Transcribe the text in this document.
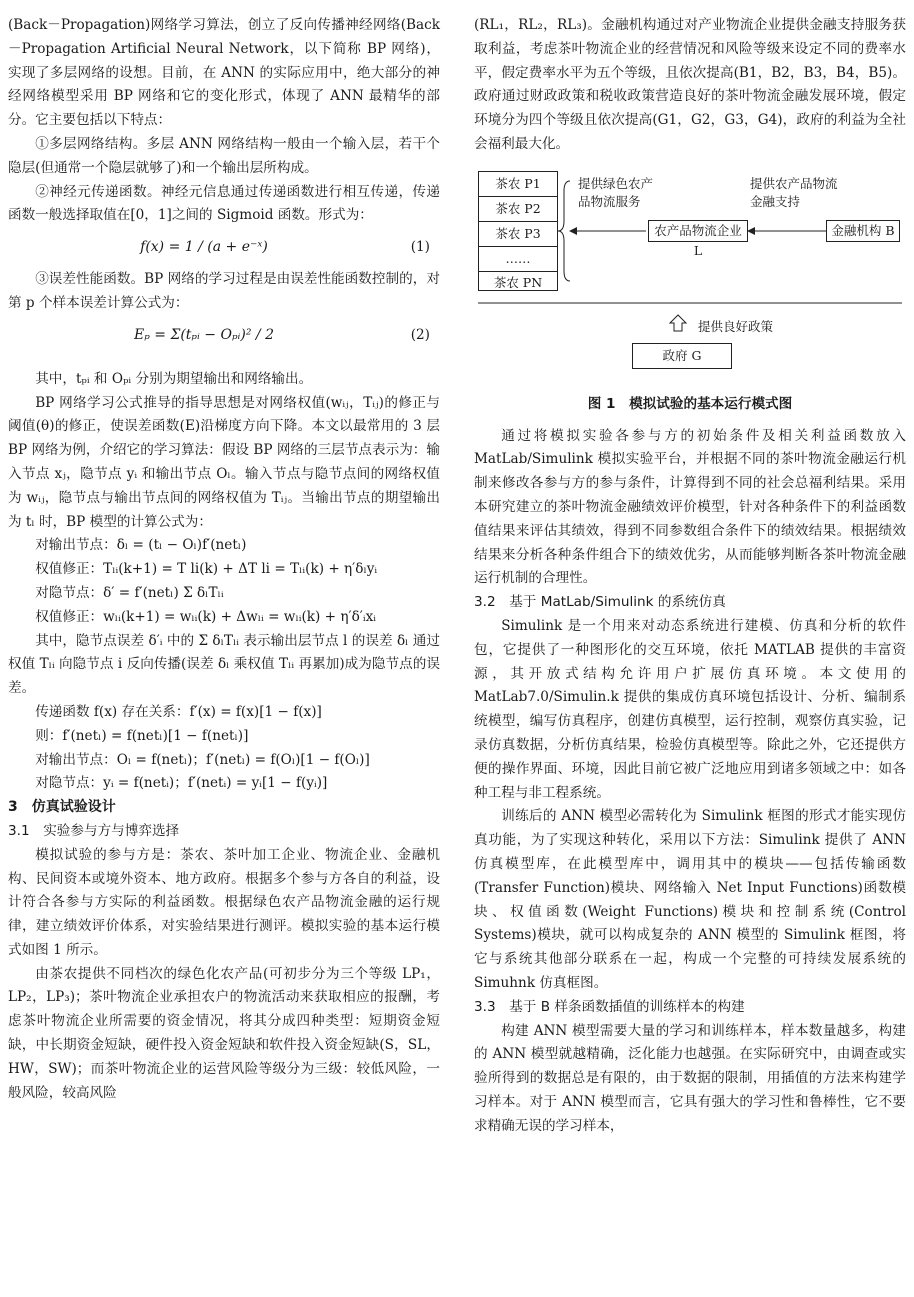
(Back－Propagation)网络学习算法，创立了反向传播神经网络(Back－Propagation Artificial Neural Network，以下简称 BP 网络)，实现了多层网络的设想。目前，在 ANN 的实际应用中，绝大部分的神经网络模型采用 BP 网络和它的变化形式，体现了 ANN 最精华的部分。它主要包括以下特点：

①多层网络结构。多层 ANN 网络结构一般由一个输入层，若干个隐层(但通常一个隐层就够了)和一个输出层所构成。

②神经元传递函数。神经元信息通过传递函数进行相互传递，传递函数一般选择取值在[0，1]之间的 Sigmoid 函数。形式为：

f(x) = 1 / (a + e⁻ˣ)	(1)

③误差性能函数。BP 网络的学习过程是由误差性能函数控制的，对第 p 个样本误差计算公式为：

Eₚ = Σ(tₚᵢ − Oₚᵢ)² / 2	(2)

其中，tₚᵢ 和 Oₚᵢ 分别为期望输出和网络输出。

BP 网络学习公式推导的指导思想是对网络权值(wᵢⱼ，Tᵢⱼ)的修正与阈值(θ)的修正，使误差函数(E)沿梯度方向下降。本文以最常用的 3 层 BP 网络为例，介绍它的学习算法：假设 BP 网络的三层节点表示为：输入节点 xⱼ，隐节点 yᵢ 和输出节点 Oₗ。输入节点与隐节点间的网络权值为 wᵢⱼ，隐节点与输出节点间的网络权值为 Tᵢⱼ。当输出节点的期望输出为 tₗ 时，BP 模型的计算公式为：

对输出节点：δₗ = (tₗ − Oₗ)f′(netₗ)

权值修正：Tₗᵢ(k+1) = T li(k) + ΔT li = Tₗᵢ(k) + η′δₗyᵢ

对隐节点：δ′ = f′(netₗ) Σ δₗTₗᵢ

权值修正：wₗᵢ(k+1) = wₗᵢ(k) + Δwₗᵢ = wₗᵢ(k) + η′δ′ᵢxᵢ

其中，隐节点误差 δ′ᵢ 中的 Σ δₗTₗᵢ 表示输出层节点 l 的误差 δₗ 通过权值 Tₗᵢ 向隐节点 i 反向传播(误差 δₗ 乘权值 Tₗᵢ 再累加)成为隐节点的误差。

传递函数 f(x) 存在关系：f′(x) = f(x)[1 − f(x)]

则：f′(netₗ) = f(netₗ)[1 − f(netₗ)]

对输出节点：Oₗ = f(netₗ)；f′(netₗ) = f(Oₗ)[1 − f(Oₗ)]

对隐节点：yᵢ = f(netᵢ)；f′(netᵢ) = yᵢ[1 − f(yᵢ)]

3　仿真试验设计

3.1　实验参与方与博弈选择

模拟试验的参与方是：茶农、茶叶加工企业、物流企业、金融机构、民间资本或境外资本、地方政府。根据多个参与方各自的利益，设计符合各参与方实际的利益函数。根据绿色农产品物流金融的运行规律，建立绩效评价体系，对实验结果进行测评。模拟实验的基本运行模式如图 1 所示。

由茶农提供不同档次的绿色化农产品(可初步分为三个等级 LP₁，LP₂，LP₃)；茶叶物流企业承担农户的物流活动来获取相应的报酬，考虑茶叶物流企业所需要的资金情况，将其分成四种类型：短期资金短缺，中长期资金短缺，硬件投入资金短缺和软件投入资金短缺(S，SL，HW，SW)；而茶叶物流企业的运营风险等级分为三级：较低风险，一般风险，较高风险

(RL₁，RL₂，RL₃)。金融机构通过对产业物流企业提供金融支持服务获取利益，考虑茶叶物流企业的经营情况和风险等级来设定不同的费率水平，假定费率水平为五个等级，且依次提高(B1，B2，B3，B4，B5)。政府通过财政政策和税收政策营造良好的茶叶物流金融发展环境，假定环境分为四个等级且依次提高(G1，G2，G3，G4)，政府的利益为全社会福利最大化。

茶农 P1
茶农 P2
茶农 P3
……
茶农 PN
提供绿色农产品物流服务
提供农产品物流金融支持
农产品物流企业 L
金融机构 B
提供良好政策
政府 G

图 1　模拟试验的基本运行模式图

通过将模拟实验各参与方的初始条件及相关利益函数放入 MatLab/Simulink 模拟实验平台，并根据不同的茶叶物流金融运行机制来修改各参与方的参与条件，计算得到不同的社会总福利结果。采用本研究建立的茶叶物流金融绩效评价模型，针对各种条件下的利益函数值结果来评估其绩效，得到不同参数组合条件下的绩效结果。根据绩效结果来分析各种条件组合下的绩效优劣，从而能够判断各茶叶物流金融运行机制的合理性。

3.2　基于 MatLab/Simulink 的系统仿真

Simulink 是一个用来对动态系统进行建模、仿真和分析的软件包，它提供了一种图形化的交互环境，依托 MATLAB 提供的丰富资源，其开放式结构允许用户扩展仿真环境。本文使用的 MatLab7.0/Simulin.k 提供的集成仿真环境包括设计、分析、编制系统模型，编写仿真程序，创建仿真模型，运行控制，观察仿真实验，记录仿真数据，分析仿真结果，检验仿真模型等。除此之外，它还提供方便的操作界面、环境，因此目前它被广泛地应用到诸多领域之中：如各种工程与非工程系统。

训练后的 ANN 模型必需转化为 Simulink 框图的形式才能实现仿真功能，为了实现这种转化，采用以下方法：Simulink 提供了 ANN 仿真模型库，在此模型库中，调用其中的模块——包括传输函数(Transfer Function)模块、网络输入 Net Input Functions)函数模块、权值函数(Weight Functions)模块和控制系统(Control Systems)模块，就可以构成复杂的 ANN 模型的 Simulink 框图，将它与系统其他部分联系在一起，构成一个完整的可持续发展系统的 Simuhnk 仿真框图。

3.3　基于 B 样条函数插值的训练样本的构建

构建 ANN 模型需要大量的学习和训练样本，样本数量越多，构建的 ANN 模型就越精确，泛化能力也越强。在实际研究中，由调查或实验所得到的数据总是有限的，由于数据的限制，用插值的方法来构建学习样本。对于 ANN 模型而言，它具有强大的学习性和鲁棒性，它不要求精确无误的学习样本，
